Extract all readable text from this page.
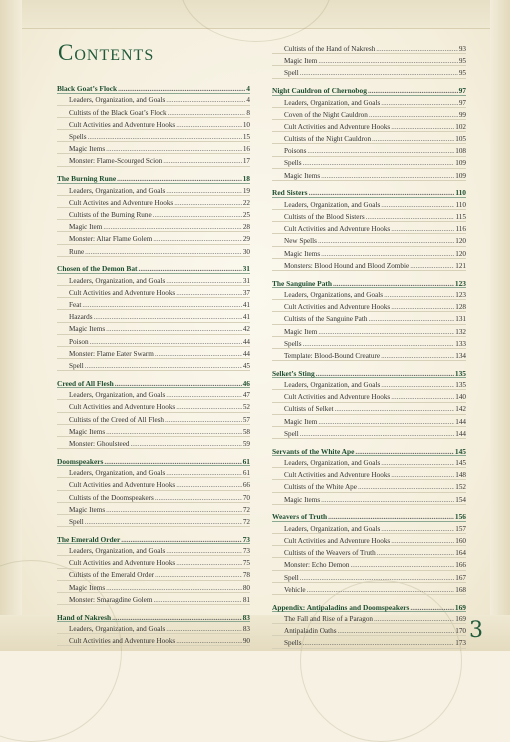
Contents
Black Goat’s Flock .....	4
Leaders, Organization, and Goals .....	4
Cultists of the Black Goat’s Flock .....	8
Cult Activities and Adventure Hooks .....	10
Spells .....	15
Magic Items .....	16
Monster: Flame-Scourged Scion .....	17
The Burning Rune .....	18
Leaders, Organization, and Goals .....	19
Cult Activites and Adventure Hooks .....	22
Cultists of the Burning Rune .....	25
Magic Item .....	28
Monster: Altar Flame Golem .....	29
Rune .....	30
Chosen of the Demon Bat .....	31
Leaders, Organization, and Goals .....	31
Cult Activities and Adventure Hooks .....	37
Feat .....	41
Hazards .....	41
Magic Items .....	42
Poison .....	44
Monster: Flame Eater Swarm .....	44
Spell .....	45
Creed of All Flesh .....	46
Leaders, Organization, and Goals .....	47
Cult Activities and Adventure Hooks .....	52
Cultists of the Creed of All Flesh .....	57
Magic Items .....	58
Monster: Ghoulsteed .....	59
Doomspeakers .....	61
Leaders, Organization, and Goals .....	61
Cult Activities and Adventure Hooks .....	66
Cultists of the Doomspeakers .....	70
Magic Items .....	72
Spell .....	72
The Emerald Order .....	73
Leaders, Organization, and Goals .....	73
Cult Activities and Adventure Hooks .....	75
Cultists of the Emerald Order .....	78
Magic Items .....	80
Monster: Smaragdine Golem .....	81
Hand of Nakresh .....	83
Leaders, Organization, and Goals .....	83
Cult Activities and Adventure Hooks .....	90
Cultists of the Hand of Nakresh .....	93
Magic Item .....	95
Spell .....	95
Night Cauldron of Chernobog .....	97
Leaders, Organization, and Goals .....	97
Coven of the Night Cauldron .....	99
Cult Activities and Adventure Hooks .....	102
Cultists of the Night Cauldron .....	105
Poisons .....	108
Spells .....	109
Magic Items .....	109
Red Sisters .....	110
Leaders, Organization, and Goals .....	110
Cultists of the Blood Sisters .....	115
Cult Activities and Adventure Hooks .....	116
New Spells .....	120
Magic Items .....	120
Monsters: Blood Hound and Blood Zombie .....	121
The Sanguine Path .....	123
Leaders, Organizations, and Goals .....	123
Cult Activities and Adventure Hooks .....	128
Cultists of the Sanguine Path .....	131
Magic Item .....	132
Spells .....	133
Template: Blood-Bound Creature .....	134
Selket’s Sting .....	135
Leaders, Organization, and Goals .....	135
Cult Activities and Adventure Hooks .....	140
Cultists of Selket .....	142
Magic Item .....	144
Spell .....	144
Servants of the White Ape .....	145
Leaders, Organization, and Goals .....	145
Cult Activities and Adventure Hooks .....	148
Cultists of the White Ape .....	152
Magic Items .....	154
Weavers of Truth .....	156
Leaders, Organization, and Goals .....	157
Cult Activities and Adventure Hooks .....	160
Cultists of the Weavers of Truth .....	164
Monster: Echo Demon .....	166
Spell .....	167
Vehicle .....	168
Appendix: Antipaladins and Doomspeakers .....	169
The Fall and Rise of a Paragon .....	169
Antipaladin Oaths .....	170
Spells .....	173
3
